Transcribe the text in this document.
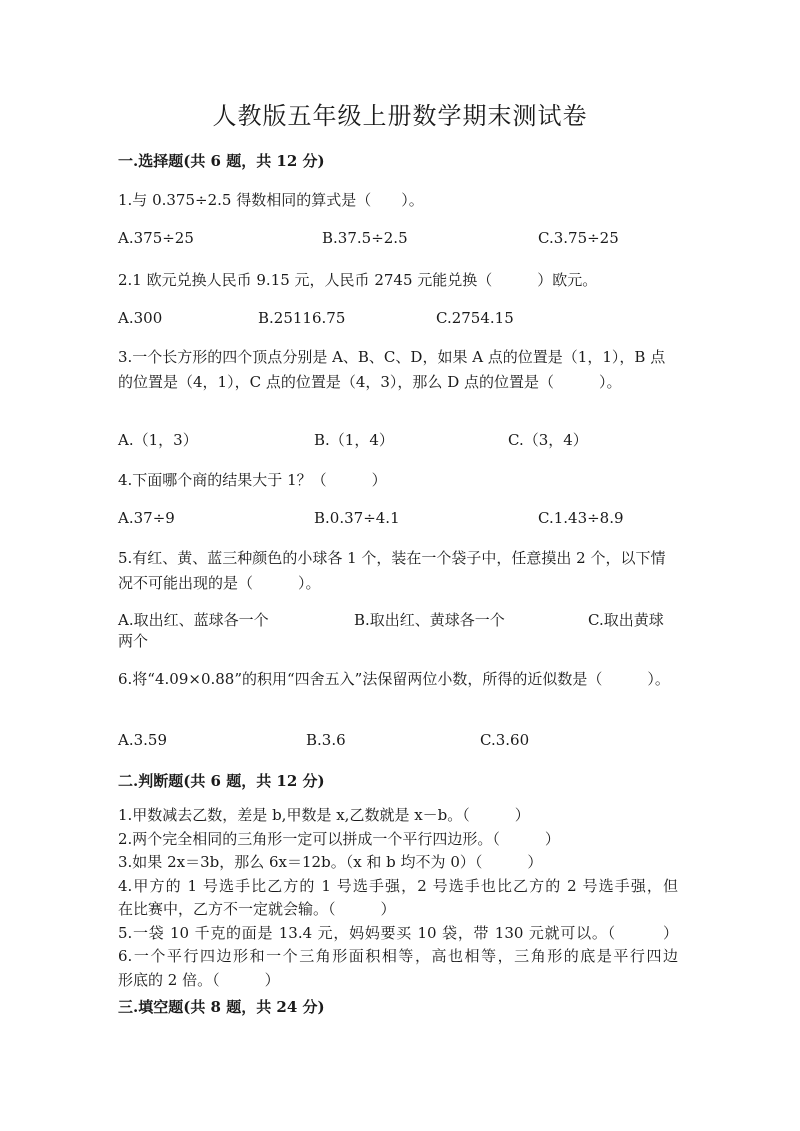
人教版五年级上册数学期末测试卷
一.选择题(共 6 题，共 12 分)
1.与 0.375÷2.5 得数相同的算式是（　　）。
A.375÷25	B.37.5÷2.5	C.3.75÷25
2.1 欧元兑换人民币 9.15 元，人民币 2745 元能兑换（　　　）欧元。
A.300	B.25116.75	C.2754.15
3.一个长方形的四个顶点分别是 A、B、C、D，如果 A 点的位置是（1，1），B 点的位置是（4，1），C 点的位置是（4，3），那么 D 点的位置是（　　　）。
A.（1，3）	B.（1，4）	C.（3，4）
4.下面哪个商的结果大于 1？（　　　）
A.37÷9	B.0.37÷4.1	C.1.43÷8.9
5.有红、黄、蓝三种颜色的小球各 1 个，装在一个袋子中，任意摸出 2 个，以下情况不可能出现的是（　　　）。
A.取出红、蓝球各一个	B.取出红、黄球各一个	C.取出黄球
两个
6.将“4.09×0.88”的积用“四舍五入”法保留两位小数，所得的近似数是（　　　）。
A.3.59	B.3.6	C.3.60
二.判断题(共 6 题，共 12 分)
1.甲数减去乙数，差是 b,甲数是 x,乙数就是 x－b。（　　　）
2.两个完全相同的三角形一定可以拼成一个平行四边形。（　　　）
3.如果 2x＝3b，那么 6x＝12b。（x 和 b 均不为 0）（　　　）
4.甲方的 1 号选手比乙方的 1 号选手强，2 号选手也比乙方的 2 号选手强，但
在比赛中，乙方不一定就会输。（　　　）
5.一袋 10 千克的面是 13.4 元，妈妈要买 10 袋，带 130 元就可以。（　　　）
6.一个平行四边形和一个三角形面积相等，高也相等，三角形的底是平行四边
形底的 2 倍。（　　　）
三.填空题(共 8 题，共 24 分)
